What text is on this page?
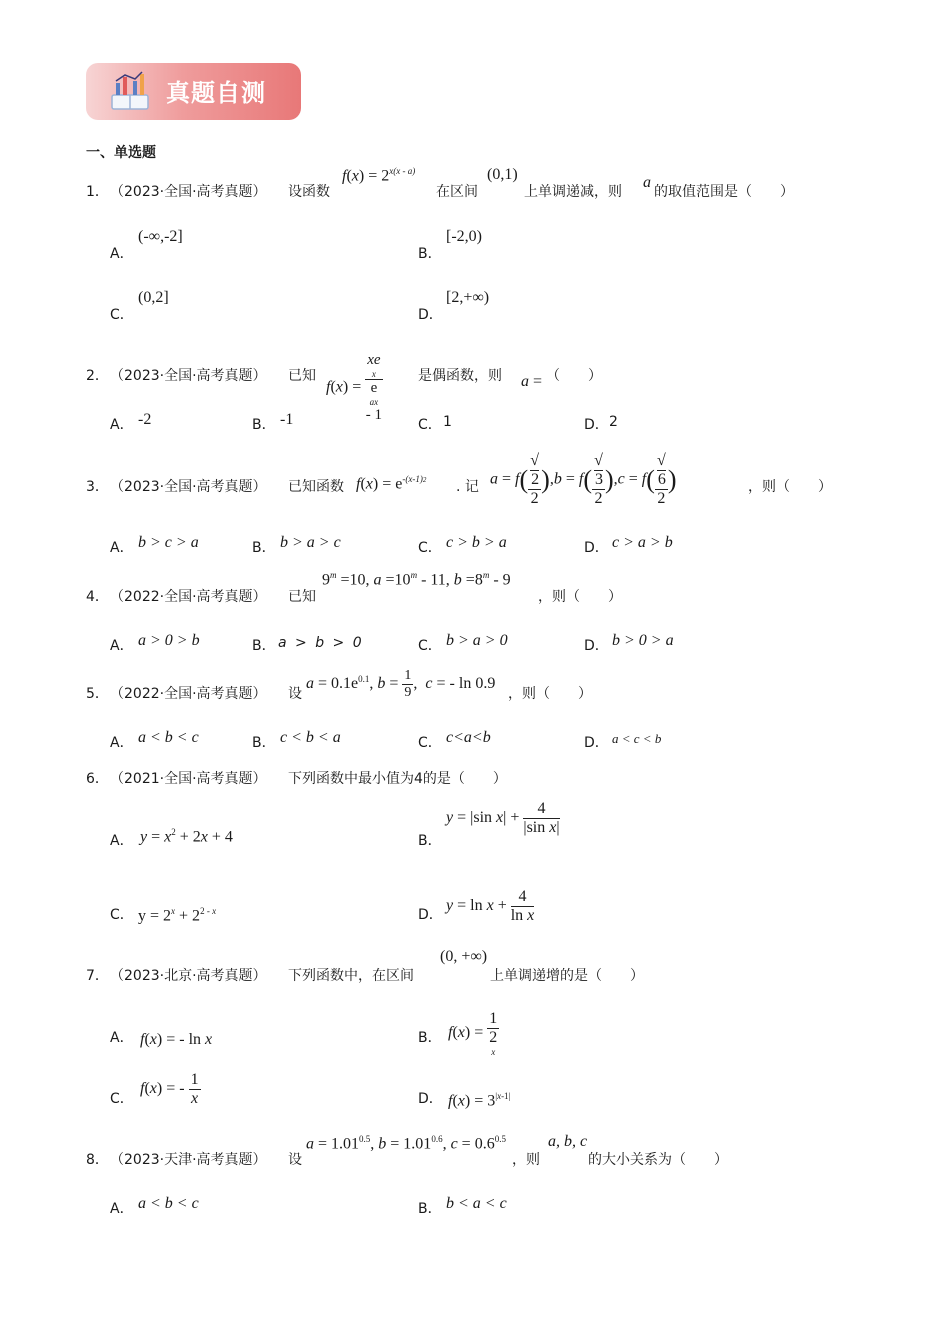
真题自测
一、单选题
1． （2023·全国·高考真题） 设函数
$f(x) = 2^{x(x - a)}$
在区间
(0,1)
上单调递减，则
a
的取值范围是（　　）
A．
(-∞,-2]
B．
[-2,0)
C．
(0,2]
D．
[2,+∞)
2． （2023·全国·高考真题） 已知
f(x) = xe
x
e
ax
- 1	是偶函数，则 a = （　　）
A． -2	B． -1	C． 1	D． 2
3． （2023·全国·高考真题） 已知函数 $f(x) = e^{-(x-1)2}$ . 记 a = f( √
2
2 ),b = f( √
3
2 ),c = f( √
6
2 )	，则（　　）
A． b > c > a	B． b > a > c	C． c > b > a	D． c > a > b
4． （2022·全国·高考真题） 已知
$9^m =10$, $a =10^m - 11$, $b =8^m - 9$
，则（　　）
A． a > 0 > b	B． a > b > 0	C． b > a > 0	D． b > 0 > a
5． （2022·全国·高考真题） 设
$a = 0.1e^{0.1}$, $b = \frac{1}{9}$ ,  c = - ln 0.9
，则（　　）
A． a < b < c	B． c < b < a	C． c<a<b	D． a < c < b
6． （2021·全国·高考真题） 下列函数中最小值为4的是（　　）
A． $y = x^2 + 2x + 4$	B．
y = |sin $x| + \frac{4}{\text{|sin x|}}$
C． $y = 2^x + 2^{2 - x}$	D．
$y = \ln x + \frac{4}{\text{ln x}}$
7． （2023·北京·高考真题） 下列函数中，在区间
(0, +∞)
上单调递增的是（　　）
A． f(x) = - ln x	B． f(x) = 1
2
x
C．
f(x) = - $\frac{1}{x}$	D． $f(x) = 3^{|x-1|}$
8． （2023·天津·高考真题） 设
$a = 1.01^{0.5}$, $b = 1.01^{0.6}$, $c = 0.6^{0.5}$
，则
a, b, c
的大小关系为（　　）
A． a < b < c	B． b < a < c
